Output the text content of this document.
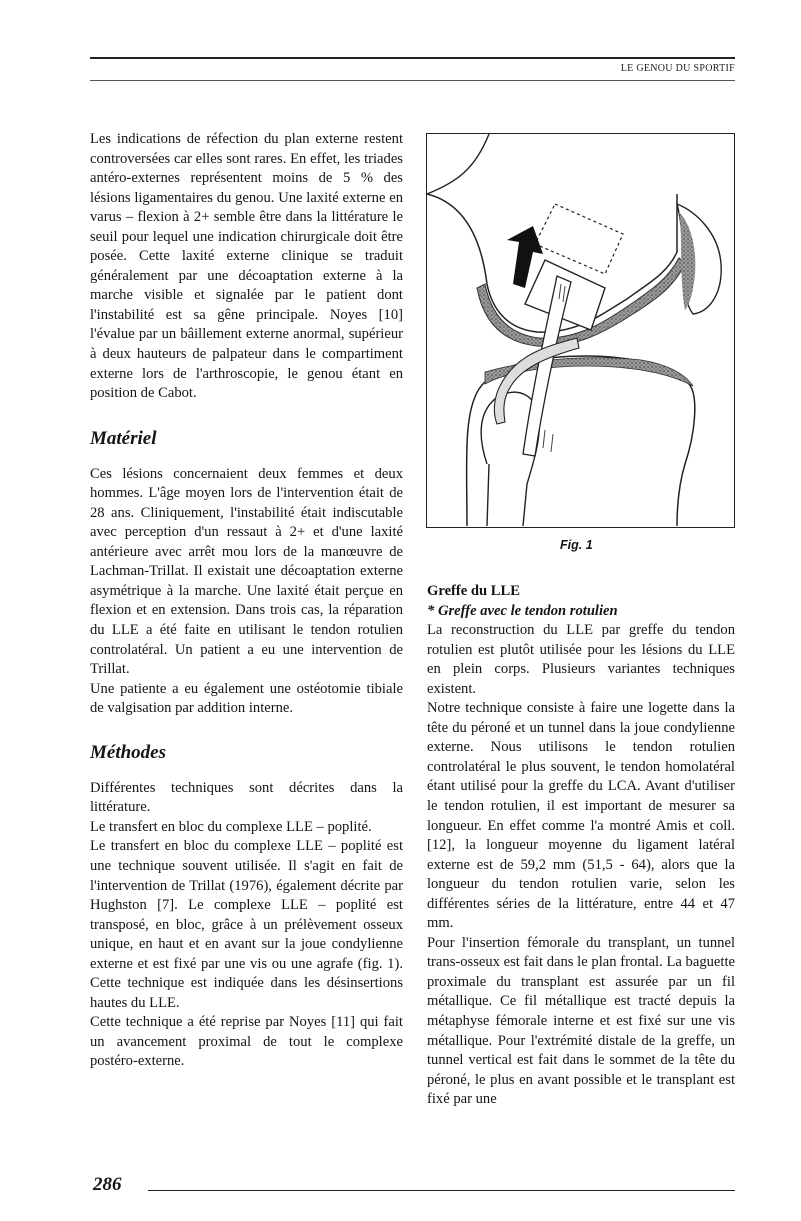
LE GENOU DU SPORTIF

Les indications de réfection du plan externe restent controversées car elles sont rares. En effet, les triades antéro-externes représentent moins de 5 % des lésions ligamentaires du genou. Une laxité externe en varus – flexion à 2+ semble être dans la littérature le seuil pour lequel une indication chirurgicale doit être posée. Cette laxité externe clinique se traduit généralement par une décoaptation externe à la marche visible et signalée par le patient dont l'instabilité est sa gêne principale. Noyes [10] l'évalue par un bâillement externe anormal, supérieur à deux hauteurs de palpateur dans le compartiment externe lors de l'arthroscopie, le genou étant en position de Cabot.

Matériel

Ces lésions concernaient deux femmes et deux hommes. L'âge moyen lors de l'intervention était de 28 ans. Cliniquement, l'instabilité était indiscutable avec perception d'un ressaut à 2+ et d'une laxité antérieure avec arrêt mou lors de la manœuvre de Lachman-Trillat. Il existait une décoaptation externe asymétrique à la marche. Une laxité était perçue en flexion et en extension. Dans trois cas, la réparation du LLE a été faite en utilisant le tendon rotulien controlatéral. Un patient a eu une intervention de Trillat.

Une patiente a eu également une ostéotomie tibiale de valgisation par addition interne.

Méthodes

Différentes techniques sont décrites dans la littérature.

Le transfert en bloc du complexe LLE – poplité.

Le transfert en bloc du complexe LLE – poplité est une technique souvent utilisée. Il s'agit en fait de l'intervention de Trillat (1976), également décrite par Hughston [7]. Le complexe LLE – poplité est transposé, en bloc, grâce à un prélèvement osseux unique, en haut et en avant sur la joue condylienne externe et est fixé par une vis ou une agrafe (fig. 1). Cette technique est indiquée dans les désinsertions hautes du LLE.

Cette technique a été reprise par Noyes [11] qui fait un avancement proximal de tout le complexe postéro-externe.

Fig. 1

Greffe du LLE

* Greffe avec le tendon rotulien

La reconstruction du LLE par greffe du tendon rotulien est plutôt utilisée pour les lésions du LLE en plein corps. Plusieurs variantes techniques existent.

Notre technique consiste à faire une logette dans la tête du péroné et un tunnel dans la joue condylienne externe. Nous utilisons le tendon rotulien controlatéral le plus souvent, le tendon homolatéral étant utilisé pour la greffe du LCA. Avant d'utiliser le tendon rotulien, il est important de mesurer sa longueur. En effet comme l'a montré Amis et coll. [12], la longueur moyenne du ligament latéral externe est de 59,2 mm (51,5 - 64), alors que la longueur du tendon rotulien varie, selon les différentes séries de la littérature, entre 44 et 47 mm.

Pour l'insertion fémorale du transplant, un tunnel trans-osseux est fait dans le plan frontal. La baguette proximale du transplant est assurée par un fil métallique. Ce fil métallique est tracté depuis la métaphyse fémorale interne et est fixé sur une vis métallique. Pour l'extrémité distale de la greffe, un tunnel vertical est fait dans le sommet de la tête du péroné, le plus en avant possible et le transplant est fixé par une

286
